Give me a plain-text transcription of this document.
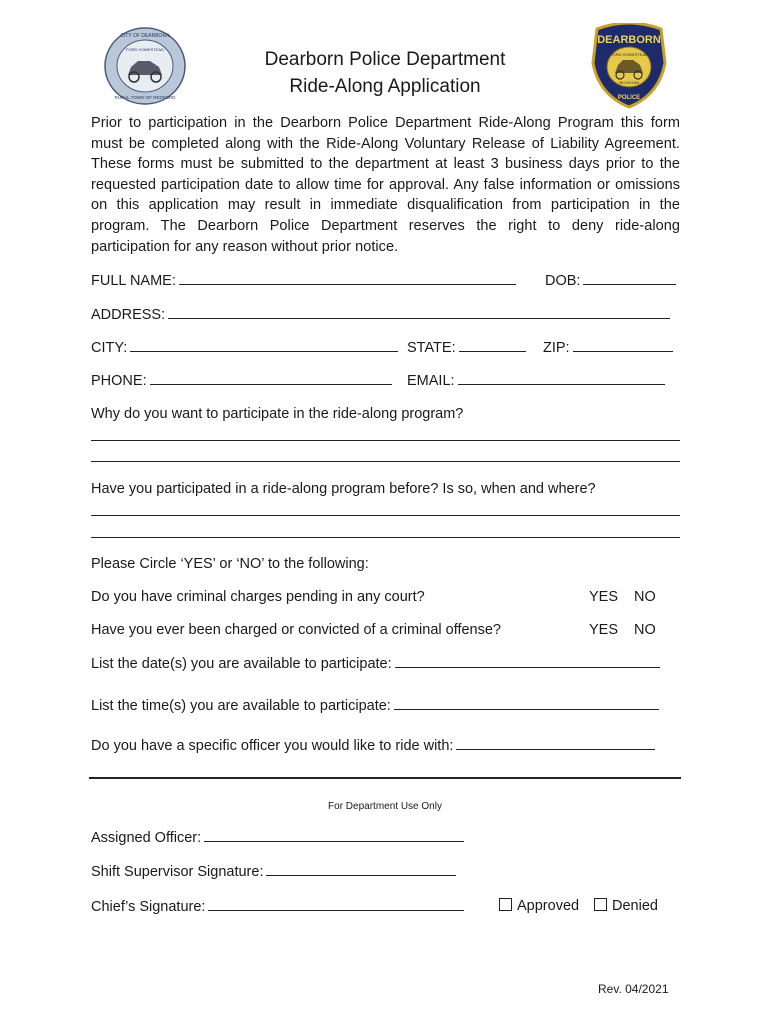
CITY OF DEARBORN
FORD HOMESTEAD
RURAL TOWN OF REDFORD
DEARBORN
FORD HOMESTEAD
MICHIGAN
1786
POLICE
Dearborn Police Department
Ride-Along Application
Prior to participation in the Dearborn Police Department Ride-Along Program this form must be completed along with the Ride-Along Voluntary Release of Liability Agreement. These forms must be submitted to the department at least 3 business days prior to the requested participation date to allow time for approval. Any false information or omissions on this application may result in immediate disqualification from participation in the program. The Dearborn Police Department reserves the right to deny ride-along participation for any reason without prior notice.
FULL NAME:	DOB:
ADDRESS:
CITY:	STATE:	ZIP:
PHONE:	EMAIL:
Why do you want to participate in the ride-along program?
Have you participated in a ride-along program before? Is so, when and where?
Please Circle ‘YES’ or ‘NO’ to the following:
Do you have criminal charges pending in any court?	YES NO
Have you ever been charged or convicted of a criminal offense?	YES NO
List the date(s) you are available to participate:
List the time(s) you are available to participate:
Do you have a specific officer you would like to ride with:
For Department Use Only
Assigned Officer:
Shift Supervisor Signature:
Chief’s Signature:	Approved	Denied
Rev. 04/2021
